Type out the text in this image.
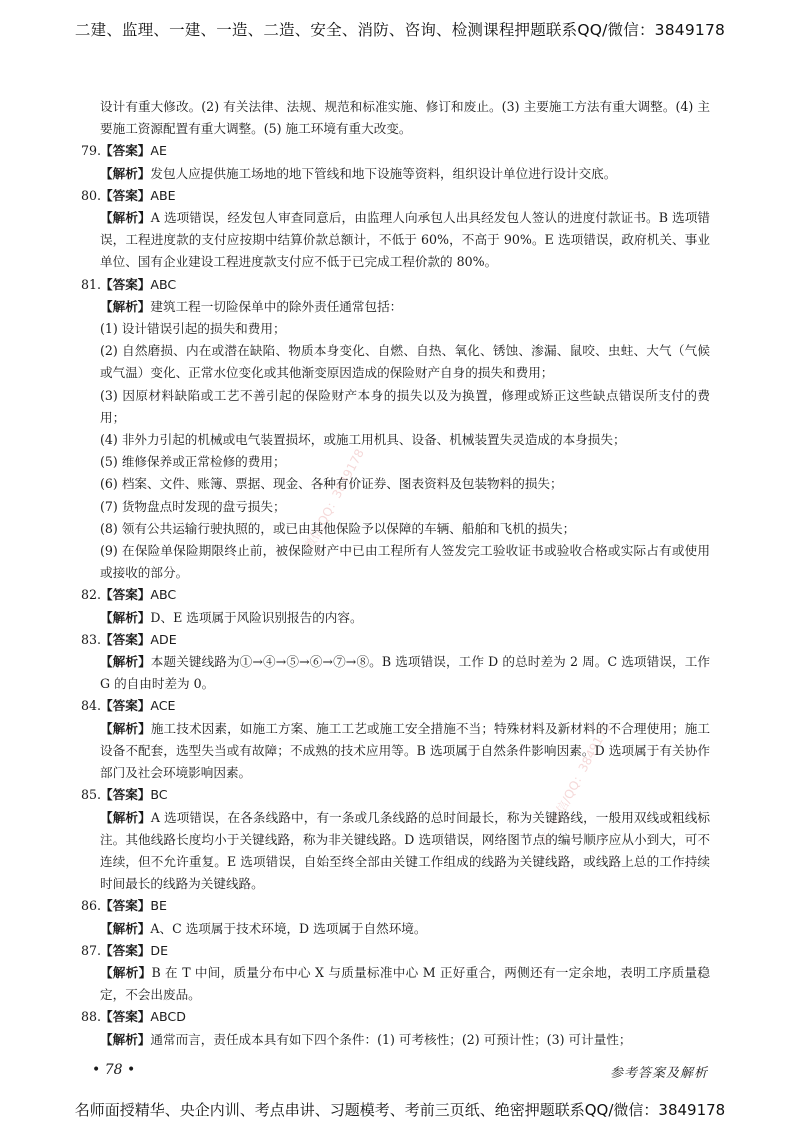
二建、监理、一建、一造、二造、安全、消防、咨询、检测课程押题联系QQ/微信：3849178
微信/QQ：3849178
唯一微信/QQ：3849178

设计有重大修改。(2) 有关法律、法规、规范和标准实施、修订和废止。(3) 主要施工方法有重大调整。(4) 主要施工资源配置有重大调整。(5) 施工环境有重大改变。

79.
【答案】AE

【解析】发包人应提供施工场地的地下管线和地下设施等资料，组织设计单位进行设计交底。

80.
【答案】ABE

【解析】A 选项错误，经发包人审查同意后，由监理人向承包人出具经发包人签认的进度付款证书。B 选项错误，工程进度款的支付应按期中结算价款总额计，不低于 60%，不高于 90%。E 选项错误，政府机关、事业单位、国有企业建设工程进度款支付应不低于已完成工程价款的 80%。

81.
【答案】ABC

【解析】建筑工程一切险保单中的除外责任通常包括：

(1) 设计错误引起的损失和费用；

(2) 自然磨损、内在或潜在缺陷、物质本身变化、自燃、自热、氧化、锈蚀、渗漏、鼠咬、虫蛀、大气（气候或气温）变化、正常水位变化或其他渐变原因造成的保险财产自身的损失和费用；

(3) 因原材料缺陷或工艺不善引起的保险财产本身的损失以及为换置，修理或矫正这些缺点错误所支付的费用；

(4) 非外力引起的机械或电气装置损坏，或施工用机具、设备、机械装置失灵造成的本身损失；

(5) 维修保养或正常检修的费用；

(6) 档案、文件、账簿、票据、现金、各种有价证券、图表资料及包装物料的损失；

(7) 货物盘点时发现的盘亏损失；

(8) 领有公共运输行驶执照的，或已由其他保险予以保障的车辆、船舶和飞机的损失；

(9) 在保险单保险期限终止前，被保险财产中已由工程所有人签发完工验收证书或验收合格或实际占有或使用或接收的部分。

82.
【答案】ABC

【解析】D、E 选项属于风险识别报告的内容。

83.
【答案】ADE

【解析】本题关键线路为①→④→⑤→⑥→⑦→⑧。B 选项错误，工作 D 的总时差为 2 周。C 选项错误，工作 G 的自由时差为 0。

84.
【答案】ACE

【解析】施工技术因素，如施工方案、施工工艺或施工安全措施不当；特殊材料及新材料的不合理使用；施工设备不配套，选型失当或有故障；不成熟的技术应用等。B 选项属于自然条件影响因素。D 选项属于有关协作部门及社会环境影响因素。

85.
【答案】BC

【解析】A 选项错误，在各条线路中，有一条或几条线路的总时间最长，称为关键路线，一般用双线或粗线标注。其他线路长度均小于关键线路，称为非关键线路。D 选项错误，网络图节点的编号顺序应从小到大，可不连续，但不允许重复。E 选项错误，自始至终全部由关键工作组成的线路为关键线路，或线路上总的工作持续时间最长的线路为关键线路。

86.
【答案】BE

【解析】A、C 选项属于技术环境，D 选项属于自然环境。

87.
【答案】DE

【解析】B 在 T 中间，质量分布中心 X 与质量标准中心 M 正好重合，两侧还有一定余地，表明工序质量稳定，不会出废品。

88.
【答案】ABCD

【解析】通常而言，责任成本具有如下四个条件：(1) 可考核性；(2) 可预计性；(3) 可计量性；

• 78 •	参考答案及解析
名师面授精华、央企内训、考点串讲、习题模考、考前三页纸、绝密押题联系QQ/微信：3849178
